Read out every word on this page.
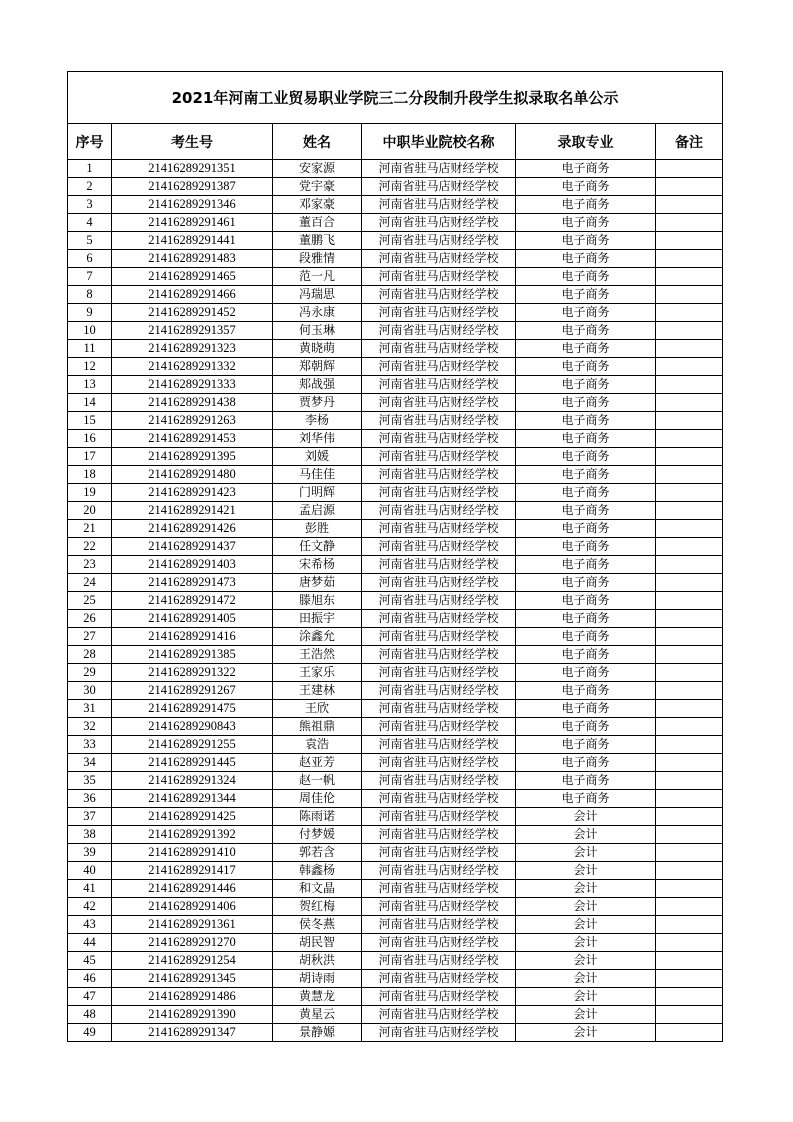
2021年河南工业贸易职业学院三二分段制升段学生拟录取名单公示					
序号	考生号	姓名	中职毕业院校名称	录取专业	备注
1	21416289291351	安家源	河南省驻马店财经学校	电子商务	
2	21416289291387	党宇豪	河南省驻马店财经学校	电子商务	
3	21416289291346	邓家豪	河南省驻马店财经学校	电子商务	
4	21416289291461	董百合	河南省驻马店财经学校	电子商务	
5	21416289291441	董鹏飞	河南省驻马店财经学校	电子商务	
6	21416289291483	段雅情	河南省驻马店财经学校	电子商务	
7	21416289291465	范一凡	河南省驻马店财经学校	电子商务	
8	21416289291466	冯瑞思	河南省驻马店财经学校	电子商务	
9	21416289291452	冯永康	河南省驻马店财经学校	电子商务	
10	21416289291357	何玉琳	河南省驻马店财经学校	电子商务	
11	21416289291323	黄晓萌	河南省驻马店财经学校	电子商务	
12	21416289291332	郑朝辉	河南省驻马店财经学校	电子商务	
13	21416289291333	郏战强	河南省驻马店财经学校	电子商务	
14	21416289291438	贾梦丹	河南省驻马店财经学校	电子商务	
15	21416289291263	李杨	河南省驻马店财经学校	电子商务	
16	21416289291453	刘华伟	河南省驻马店财经学校	电子商务	
17	21416289291395	刘媛	河南省驻马店财经学校	电子商务	
18	21416289291480	马佳佳	河南省驻马店财经学校	电子商务	
19	21416289291423	门明辉	河南省驻马店财经学校	电子商务	
20	21416289291421	孟启源	河南省驻马店财经学校	电子商务	
21	21416289291426	彭胜	河南省驻马店财经学校	电子商务	
22	21416289291437	任文静	河南省驻马店财经学校	电子商务	
23	21416289291403	宋希杨	河南省驻马店财经学校	电子商务	
24	21416289291473	唐梦茹	河南省驻马店财经学校	电子商务	
25	21416289291472	滕旭东	河南省驻马店财经学校	电子商务	
26	21416289291405	田振宇	河南省驻马店财经学校	电子商务	
27	21416289291416	涂鑫允	河南省驻马店财经学校	电子商务	
28	21416289291385	王浩然	河南省驻马店财经学校	电子商务	
29	21416289291322	王家乐	河南省驻马店财经学校	电子商务	
30	21416289291267	王建林	河南省驻马店财经学校	电子商务	
31	21416289291475	王欣	河南省驻马店财经学校	电子商务	
32	21416289290843	熊祖鼎	河南省驻马店财经学校	电子商务	
33	21416289291255	袁浩	河南省驻马店财经学校	电子商务	
34	21416289291445	赵亚芳	河南省驻马店财经学校	电子商务	
35	21416289291324	赵一帆	河南省驻马店财经学校	电子商务	
36	21416289291344	周佳伦	河南省驻马店财经学校	电子商务	
37	21416289291425	陈雨诺	河南省驻马店财经学校	会计	
38	21416289291392	付梦媛	河南省驻马店财经学校	会计	
39	21416289291410	郭若含	河南省驻马店财经学校	会计	
40	21416289291417	韩鑫杨	河南省驻马店财经学校	会计	
41	21416289291446	和文晶	河南省驻马店财经学校	会计	
42	21416289291406	贺红梅	河南省驻马店财经学校	会计	
43	21416289291361	侯冬燕	河南省驻马店财经学校	会计	
44	21416289291270	胡民智	河南省驻马店财经学校	会计	
45	21416289291254	胡秋洪	河南省驻马店财经学校	会计	
46	21416289291345	胡诗雨	河南省驻马店财经学校	会计	
47	21416289291486	黄慧龙	河南省驻马店财经学校	会计	
48	21416289291390	黄星云	河南省驻马店财经学校	会计	
49	21416289291347	景静嫄	河南省驻马店财经学校	会计	
